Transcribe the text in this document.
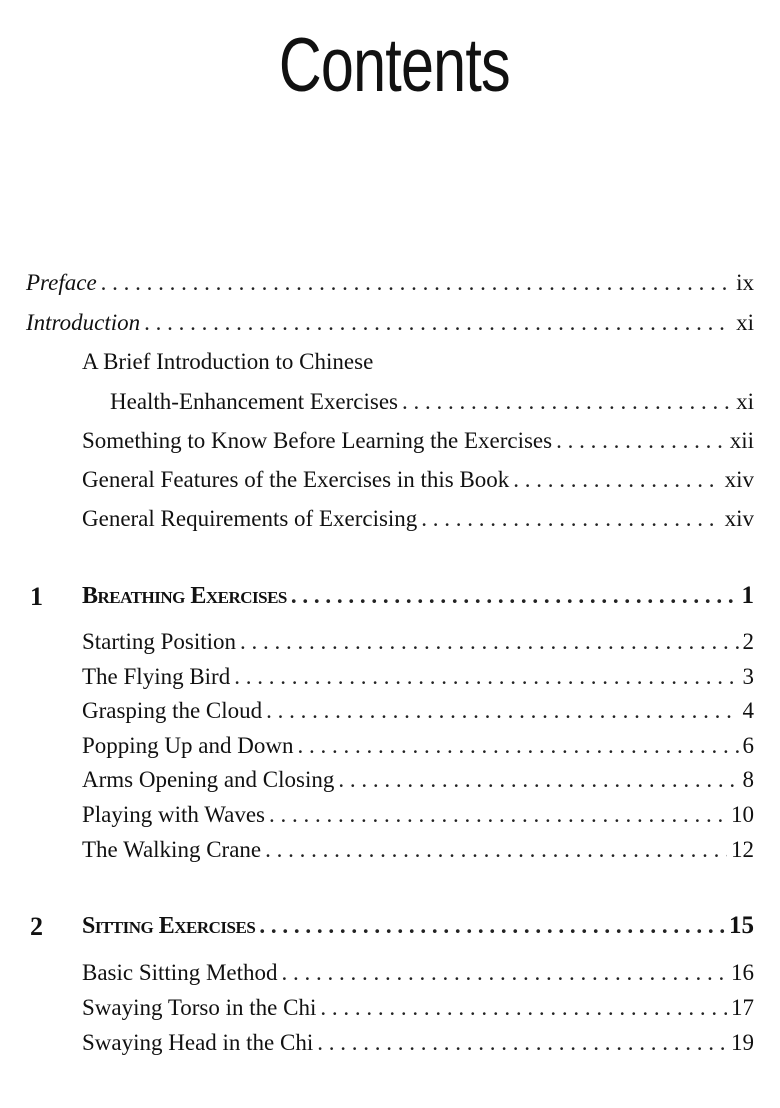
Contents
Preface . . .	ix
Introduction . . .	xi
A Brief Introduction to Chinese
Health-Enhancement Exercises . . .	xi
Something to Know Before Learning the Exercises . . .	xii
General Features of the Exercises in this Book . . .	xiv
General Requirements of Exercising . . .	xiv
1 Breathing Exercises . . .	1
Starting Position . . .	2
The Flying Bird . . .	3
Grasping the Cloud . . .	4
Popping Up and Down . . .	6
Arms Opening and Closing . . .	8
Playing with Waves . . .	10
The Walking Crane . . .	12
2 Sitting Exercises . . .	15
Basic Sitting Method . . .	16
Swaying Torso in the Chi . . .	17
Swaying Head in the Chi . . .	19
